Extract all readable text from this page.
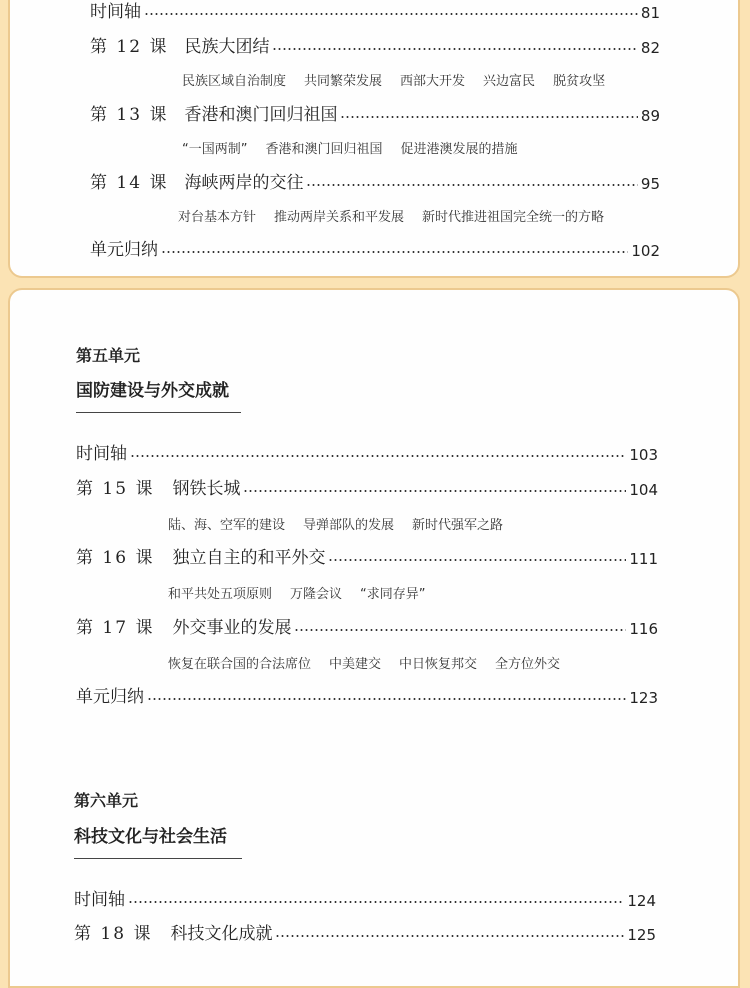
时间轴	81
第 12 课 民族大团结	82
民族区域自治制度 共同繁荣发展 西部大开发 兴边富民 脱贫攻坚
第 13 课 香港和澳门回归祖国	89
“一国两制” 香港和澳门回归祖国 促进港澳发展的措施
第 14 课 海峡两岸的交往	95
对台基本方针 推动两岸关系和平发展 新时代推进祖国完全统一的方略
单元归纳	102
第五单元
国防建设与外交成就
时间轴	103
第 15 课 钢铁长城	104
陆、海、空军的建设 导弹部队的发展 新时代强军之路
第 16 课 独立自主的和平外交	111
和平共处五项原则 万隆会议 “求同存异”
第 17 课 外交事业的发展	116
恢复在联合国的合法席位 中美建交 中日恢复邦交 全方位外交
单元归纳	123
第六单元
科技文化与社会生活
时间轴	124
第 18 课 科技文化成就	125
